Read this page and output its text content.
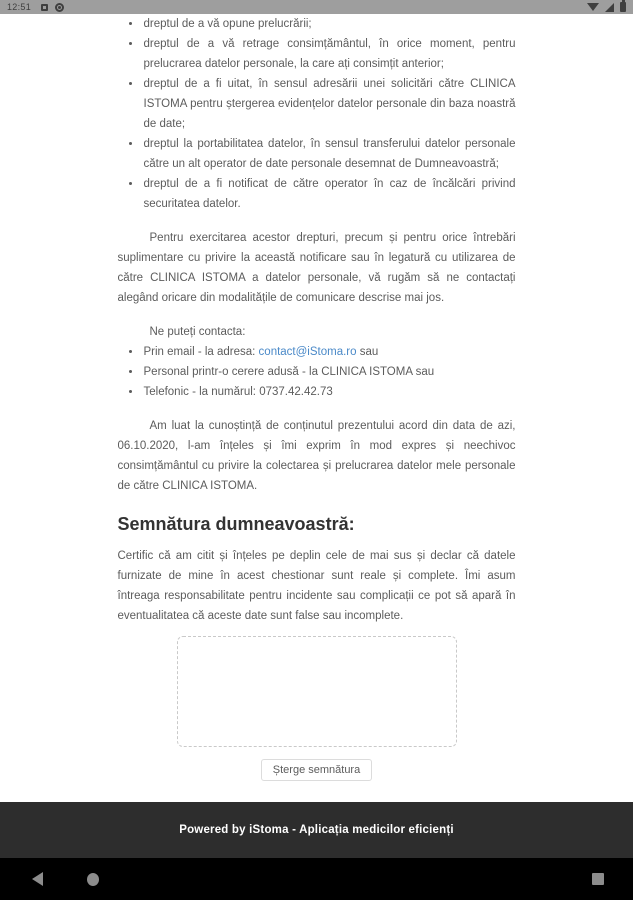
12:51
• dreptul de a vă opune prelucrării;
• dreptul de a vă retrage consimțământul, în orice moment, pentru prelucrarea datelor personale, la care ați consimțit anterior;
• dreptul de a fi uitat, în sensul adresării unei solicitări către CLINICA ISTOMA pentru ștergerea evidențelor datelor personale din baza noastră de date;
• dreptul la portabilitatea datelor, în sensul transferului datelor personale către un alt operator de date personale desemnat de Dumneavoastră;
• dreptul de a fi notificat de către operator în caz de încălcări privind securitatea datelor.

Pentru exercitarea acestor drepturi, precum și pentru orice întrebări suplimentare cu privire la această notificare sau în legatură cu utilizarea de către CLINICA ISTOMA a datelor personale, vă rugăm să ne contactați alegând oricare din modalitățile de comunicare descrise mai jos.

Ne puteți contacta:

• Prin email - la adresa: contact@iStoma.ro sau
• Personal printr-o cerere adusă - la CLINICA ISTOMA sau
• Telefonic - la numărul: 0737.42.42.73

Am luat la cunoștință de conținutul prezentului acord din data de azi, 06.10.2020, l-am înțeles și îmi exprim în mod expres și neechivoc consimțământul cu privire la colectarea și prelucrarea datelor mele personale de către CLINICA ISTOMA.

Semnătura dumneavoastră:

Certific că am citit și înțeles pe deplin cele de mai sus și declar că datele furnizate de mine în acest chestionar sunt reale și complete. Îmi asum întreaga responsabilitate pentru incidente sau complicații ce pot să apară în eventualitatea că aceste date sunt false sau incomplete.

Șterge semnătura
Powered by iStoma - Aplicația medicilor eficienți
